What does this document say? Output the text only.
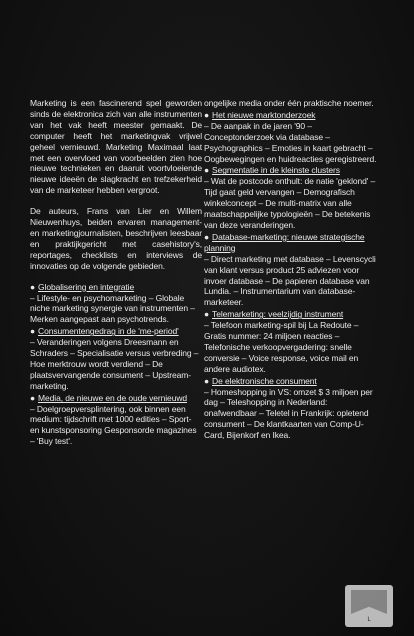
Marketing is een fascinerend spel geworden sinds de elektronica zich van alle instrumenten van het vak heeft meester gemaakt. De computer heeft het marketingvak vrijwel geheel vernieuwd. Marketing Maximaal laat met een overvloed van voorbeelden zien hoe nieuwe technieken en daaruit voortvloeiende nieuwe ideeën de slagkracht en trefzekerheid van de marketeer hebben vergroot.

De auteurs, Frans van Lier en Willem Nieuwenhuys, beiden ervaren management- en marketingjournalisten, beschrijven leesbaar en praktijkgericht met casehistory's, reportages, checklists en interviews de innovaties op de volgende gebieden.

● Globalisering en integratie

– Lifestyle- en psychomarketing – Globale niche marketing synergie van instrumenten – Merken aangepast aan psychotrends.

● Consumentengedrag in de 'me-period'

– Veranderingen volgens Dreesmann en Schraders – Specialisatie versus verbreding – Hoe merktrouw wordt verdiend – De plaatsvervangende consument – Upstream-marketing.

● Media, de nieuwe en de oude vernieuwd

– Doelgroepversplintering, ook binnen een medium: tijdschrift met 1000 edities – Sport- en kunstsponsoring Gesponsorde magazines – 'Buy test'.

ongelijke media onder één praktische noemer.

● Het nieuwe marktonderzoek

– De aanpak in de jaren '90 – Conceptonderzoek via database – Psychographics – Emoties in kaart gebracht – Oogbewegingen en huidreacties geregistreerd.

● Segmentatie in de kleinste clusters

– Wat de postcode onthult: de natie 'geklond' – Tijd gaat geld vervangen – Demografisch winkelconcept – De multi-matrix van alle maatschappelijke typologieën – De betekenis van deze veranderingen.

● Database-marketing: nieuwe strategische planning

– Direct marketing met database – Levenscycli van klant versus product 25 adviezen voor invoer database – De papieren database van Lundia. – Instrumentarium van database-marketeer.

● Telemarketing: veelzijdig instrument

– Telefoon marketing-spil bij La Redoute – Gratis nummer: 24 miljoen reacties – Telefonische verkoopvergadering: snelle conversie – Voice response, voice mail en andere audiotex.

● De elektronische consument

– Homeshopping in VS: omzet $ 3 miljoen per dag – Teleshopping in Nederland: onafwendbaar – Teletel in Frankrijk: opletend consument – De klantkaarten van Comp-U-Card, Bijenkorf en Ikea.

L
